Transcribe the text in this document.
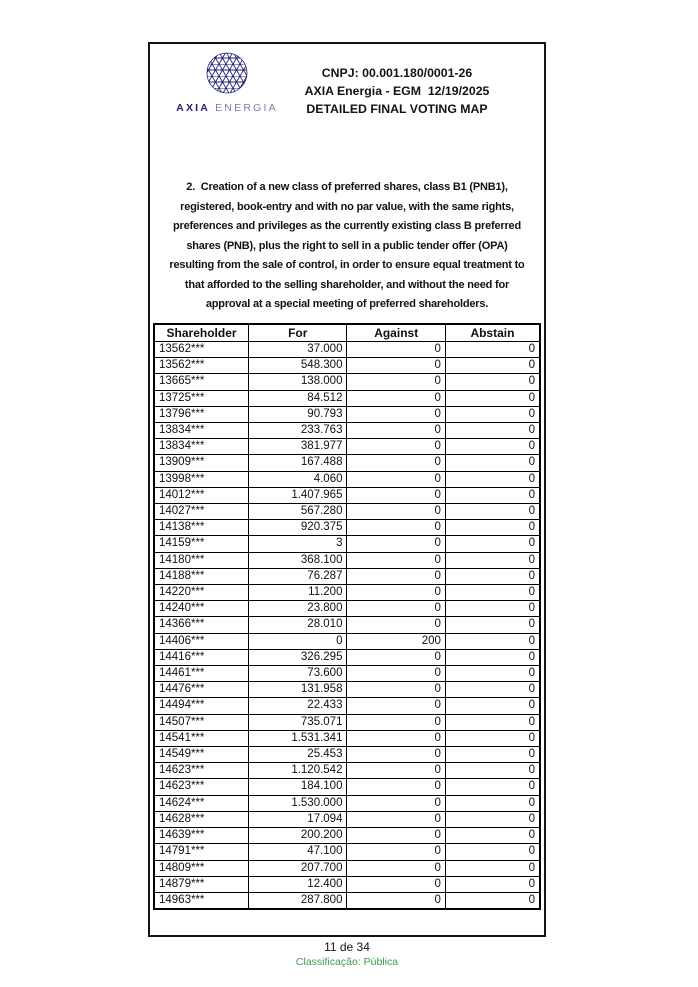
AXIA ENERGIA
CNPJ: 00.001.180/0001-26
AXIA Energia - EGM  12/19/2025
DETAILED FINAL VOTING MAP
2.  Creation of a new class of preferred shares, class B1 (PNB1),
registered, book-entry and with no par value, with the same rights,
preferences and privileges as the currently existing class B preferred
shares (PNB), plus the right to sell in a public tender offer (OPA)
resulting from the sale of control, in order to ensure equal treatment to
that afforded to the selling shareholder, and without the need for
approval at a special meeting of preferred shareholders.
Shareholder	For	Against	Abstain
13562***	37.000	0	0
13562***	548.300	0	0
13665***	138.000	0	0
13725***	84.512	0	0
13796***	90.793	0	0
13834***	233.763	0	0
13834***	381.977	0	0
13909***	167.488	0	0
13998***	4.060	0	0
14012***	1.407.965	0	0
14027***	567.280	0	0
14138***	920.375	0	0
14159***	3	0	0
14180***	368.100	0	0
14188***	76.287	0	0
14220***	11.200	0	0
14240***	23.800	0	0
14366***	28.010	0	0
14406***	0	200	0
14416***	326.295	0	0
14461***	73.600	0	0
14476***	131.958	0	0
14494***	22.433	0	0
14507***	735.071	0	0
14541***	1.531.341	0	0
14549***	25.453	0	0
14623***	1.120.542	0	0
14623***	184.100	0	0
14624***	1.530.000	0	0
14628***	17.094	0	0
14639***	200.200	0	0
14791***	47.100	0	0
14809***	207.700	0	0
14879***	12.400	0	0
14963***	287.800	0	0
11 de 34
Classificação: Pública
